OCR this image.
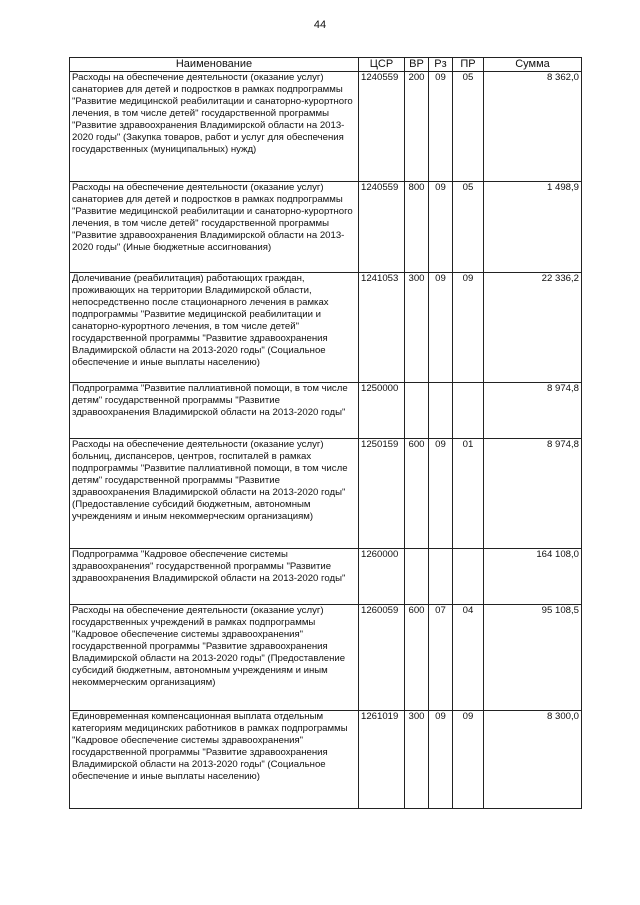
44
Наименование	ЦСР	ВР	Рз	ПР	Сумма
Расходы на обеспечение деятельности (оказание услуг) санаториев для детей и подростков в рамках подпрограммы "Развитие медицинской реабилитации и санаторно-курортного лечения, в том числе детей" государственной программы "Развитие здравоохранения Владимирской области на 2013-2020 годы" (Закупка товаров, работ и услуг для обеспечения государственных (муниципальных) нужд)	1240559	200	09	05	8 362,0
Расходы на обеспечение деятельности (оказание услуг) санаториев для детей и подростков в рамках подпрограммы "Развитие медицинской реабилитации и санаторно-курортного лечения, в том числе детей" государственной программы "Развитие здравоохранения Владимирской области на 2013-2020 годы" (Иные бюджетные ассигнования)	1240559	800	09	05	1 498,9
Долечивание (реабилитация) работающих граждан, проживающих на территории Владимирской области, непосредственно после стационарного лечения в рамках подпрограммы "Развитие медицинской реабилитации и санаторно-курортного лечения, в том числе детей" государственной программы "Развитие здравоохранения Владимирской области на 2013-2020 годы" (Социальное обеспечение и иные выплаты населению)	1241053	300	09	09	22 336,2
Подпрограмма "Развитие паллиативной помощи, в том числе детям" государственной программы "Развитие здравоохранения Владимирской области на 2013-2020 годы"	1250000				8 974,8
Расходы на обеспечение деятельности (оказание услуг) больниц, диспансеров, центров, госпиталей в рамках подпрограммы "Развитие паллиативной помощи, в том числе детям" государственной программы "Развитие здравоохранения Владимирской области на 2013-2020 годы" (Предоставление субсидий бюджетным, автономным учреждениям и иным некоммерческим организациям)	1250159	600	09	01	8 974,8
Подпрограмма "Кадровое обеспечение системы здравоохранения" государственной программы "Развитие здравоохранения Владимирской области на 2013-2020 годы"	1260000				164 108,0
Расходы на обеспечение деятельности (оказание услуг) государственных учреждений в рамках подпрограммы "Кадровое обеспечение системы здравоохранения" государственной программы "Развитие здравоохранения Владимирской области на 2013-2020 годы" (Предоставление субсидий бюджетным, автономным учреждениям и иным некоммерческим организациям)	1260059	600	07	04	95 108,5
Единовременная компенсационная выплата отдельным категориям медицинских работников в рамках подпрограммы "Кадровое обеспечение системы здравоохранения" государственной программы "Развитие здравоохранения Владимирской области на 2013-2020 годы" (Социальное обеспечение и иные выплаты населению)	1261019	300	09	09	8 300,0
